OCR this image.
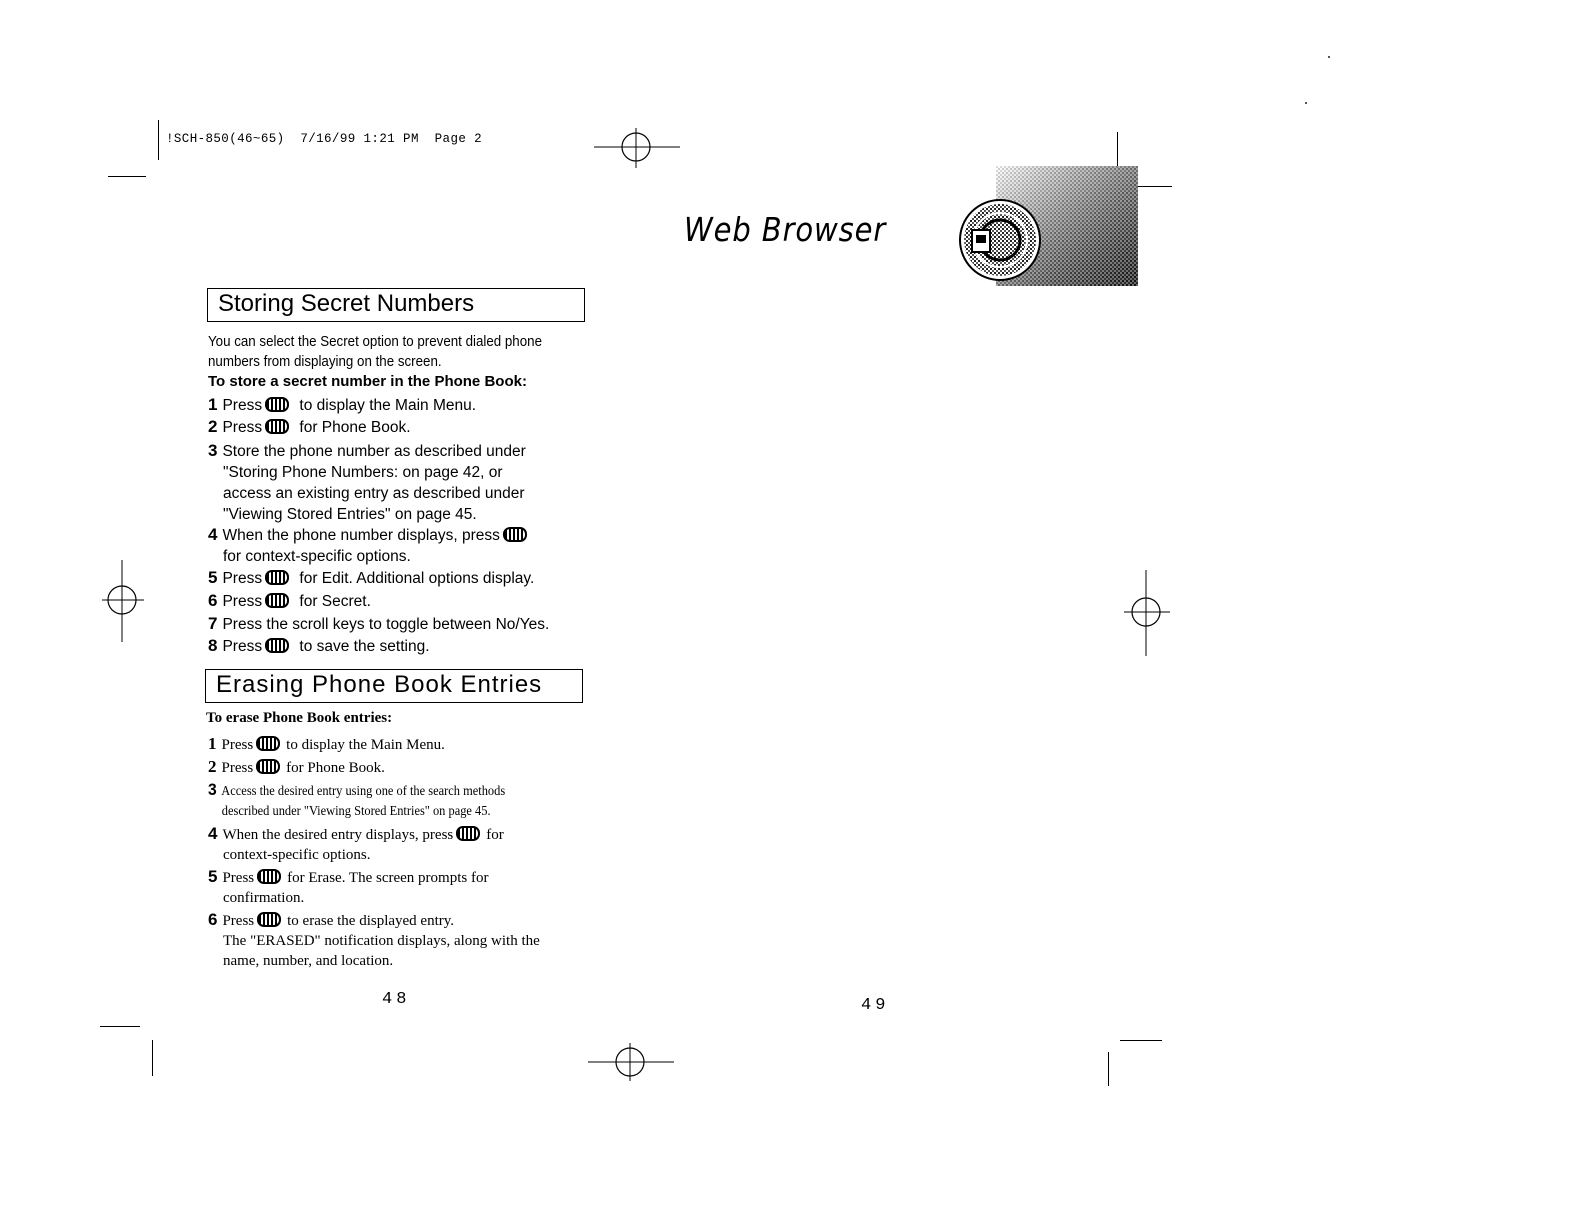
!SCH-850(46~65)  7/16/99 1:21 PM  Page 2
Web Browser
Storing Secret Numbers
You can select the Secret option to prevent dialed phone numbers from displaying on the screen.
To store a secret number in the Phone Book:
1 Press to display the Main Menu.
2 Press for Phone Book.
3 Store the phone number as described under
"Storing Phone Numbers: on page 42, or
access an existing entry as described under
"Viewing Stored Entries" on page 45.
4 When the phone number displays, press
for context-specific options.
5 Press for Edit. Additional options display.
6 Press for Secret.
7 Press the scroll keys to toggle between No/Yes.
8 Press to save the setting.
Erasing Phone Book Entries
To erase Phone Book entries:
1 Press to display the Main Menu.
2 Press for Phone Book.
3 Access the desired entry using one of the search methods
described under "Viewing Stored Entries" on page 45.
4 When the desired entry displays, press for
context-specific options.
5 Press for Erase. The screen prompts for
confirmation.
6 Press to erase the displayed entry.
The "ERASED" notification displays, along with the
name, number, and location.
48	49
